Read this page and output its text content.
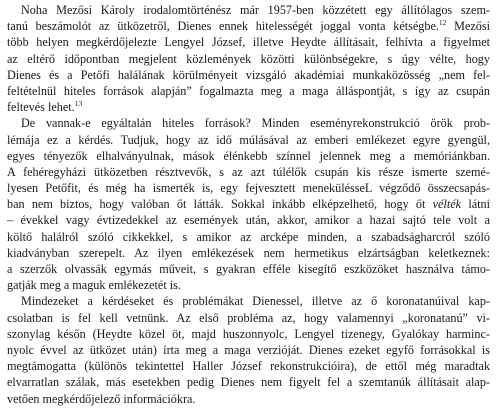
Noha Mezősi Károly irodalomtörténész már 1957-ben közzétett egy állítólagos szem-
tanú beszámolót az ütközetről, Dienes ennek hitelességét joggal vonta kétségbe.$^{12}$ Mezősi
több helyen megkérdőjelezte Lengyel József, illetve Heydte állításait, felhívta a figyelmet
az eltérő időpontban megjelent közlemények közötti különbségekre, s úgy vélte, hogy
Dienes és a Petőfi halálának körülményeit vizsgáló akadémiai munkaközösség „nem fel-
feltételnül hiteles források alapján” fogalmazta meg a maga álláspontját, s így az csupán
feltevés lehet.$^{13}$

De vannak-e egyáltalán hiteles források? Minden eseményrekonstrukció örök prob-
lémája ez a kérdés. Tudjuk, hogy az idő múlásával az emberi emlékezet egyre gyengül,
egyes tényezők elhalványulnak, mások élénkebb színnel jelennek meg a memóriánkban.
A fehéregyházi ütközetben résztvevők, s az azt túlélők csupán kis része ismerte szemé-
lyesen Petőfit, és még ha ismerték is, egy fejvesztett menekülésseL végződő összecsapás-
ban nem biztos, hogy valóban őt látták. Sokkal inkább elképzelhető, hogy őt vélték látni
– évekkel vagy évtizedekkel az események után, akkor, amikor a hazai sajtó tele volt a
költő halálról szóló cikkekkel, s amikor az arcképe minden, a szabadságharcról szóló
kiadványban szerepelt. Az ilyen emlékezések nem hermetikus elzártságban keletkeznek:
a szerzők olvassák egymás műveit, s gyakran efféle kisegítő eszközöket használva támo-
gatják meg a maguk emlékezetét is.

Mindezeket a kérdéseket és problémákat Dienessel, illetve az ő koronatanúival kap-
csolatban is fel kell vetnünk. Az első probléma az, hogy valamennyi „koronatanú” vi-
szonylag későn (Heydte közel öt, majd huszonnyolc, Lengyel tizenegy, Gyalókay harminc-
nyolc évvel az ütközet után) írta meg a maga verzióját. Dienes ezeket egyfő forrásokkal is
megtámogatta (különös tekintettel Haller József rekonstrukcióira), de ettől még maradtak
elvarratlan szálak, más esetekben pedig Dienes nem figyelt fel a szemtanúk állításait alap-
vetően megkérdőjelező információkra.
